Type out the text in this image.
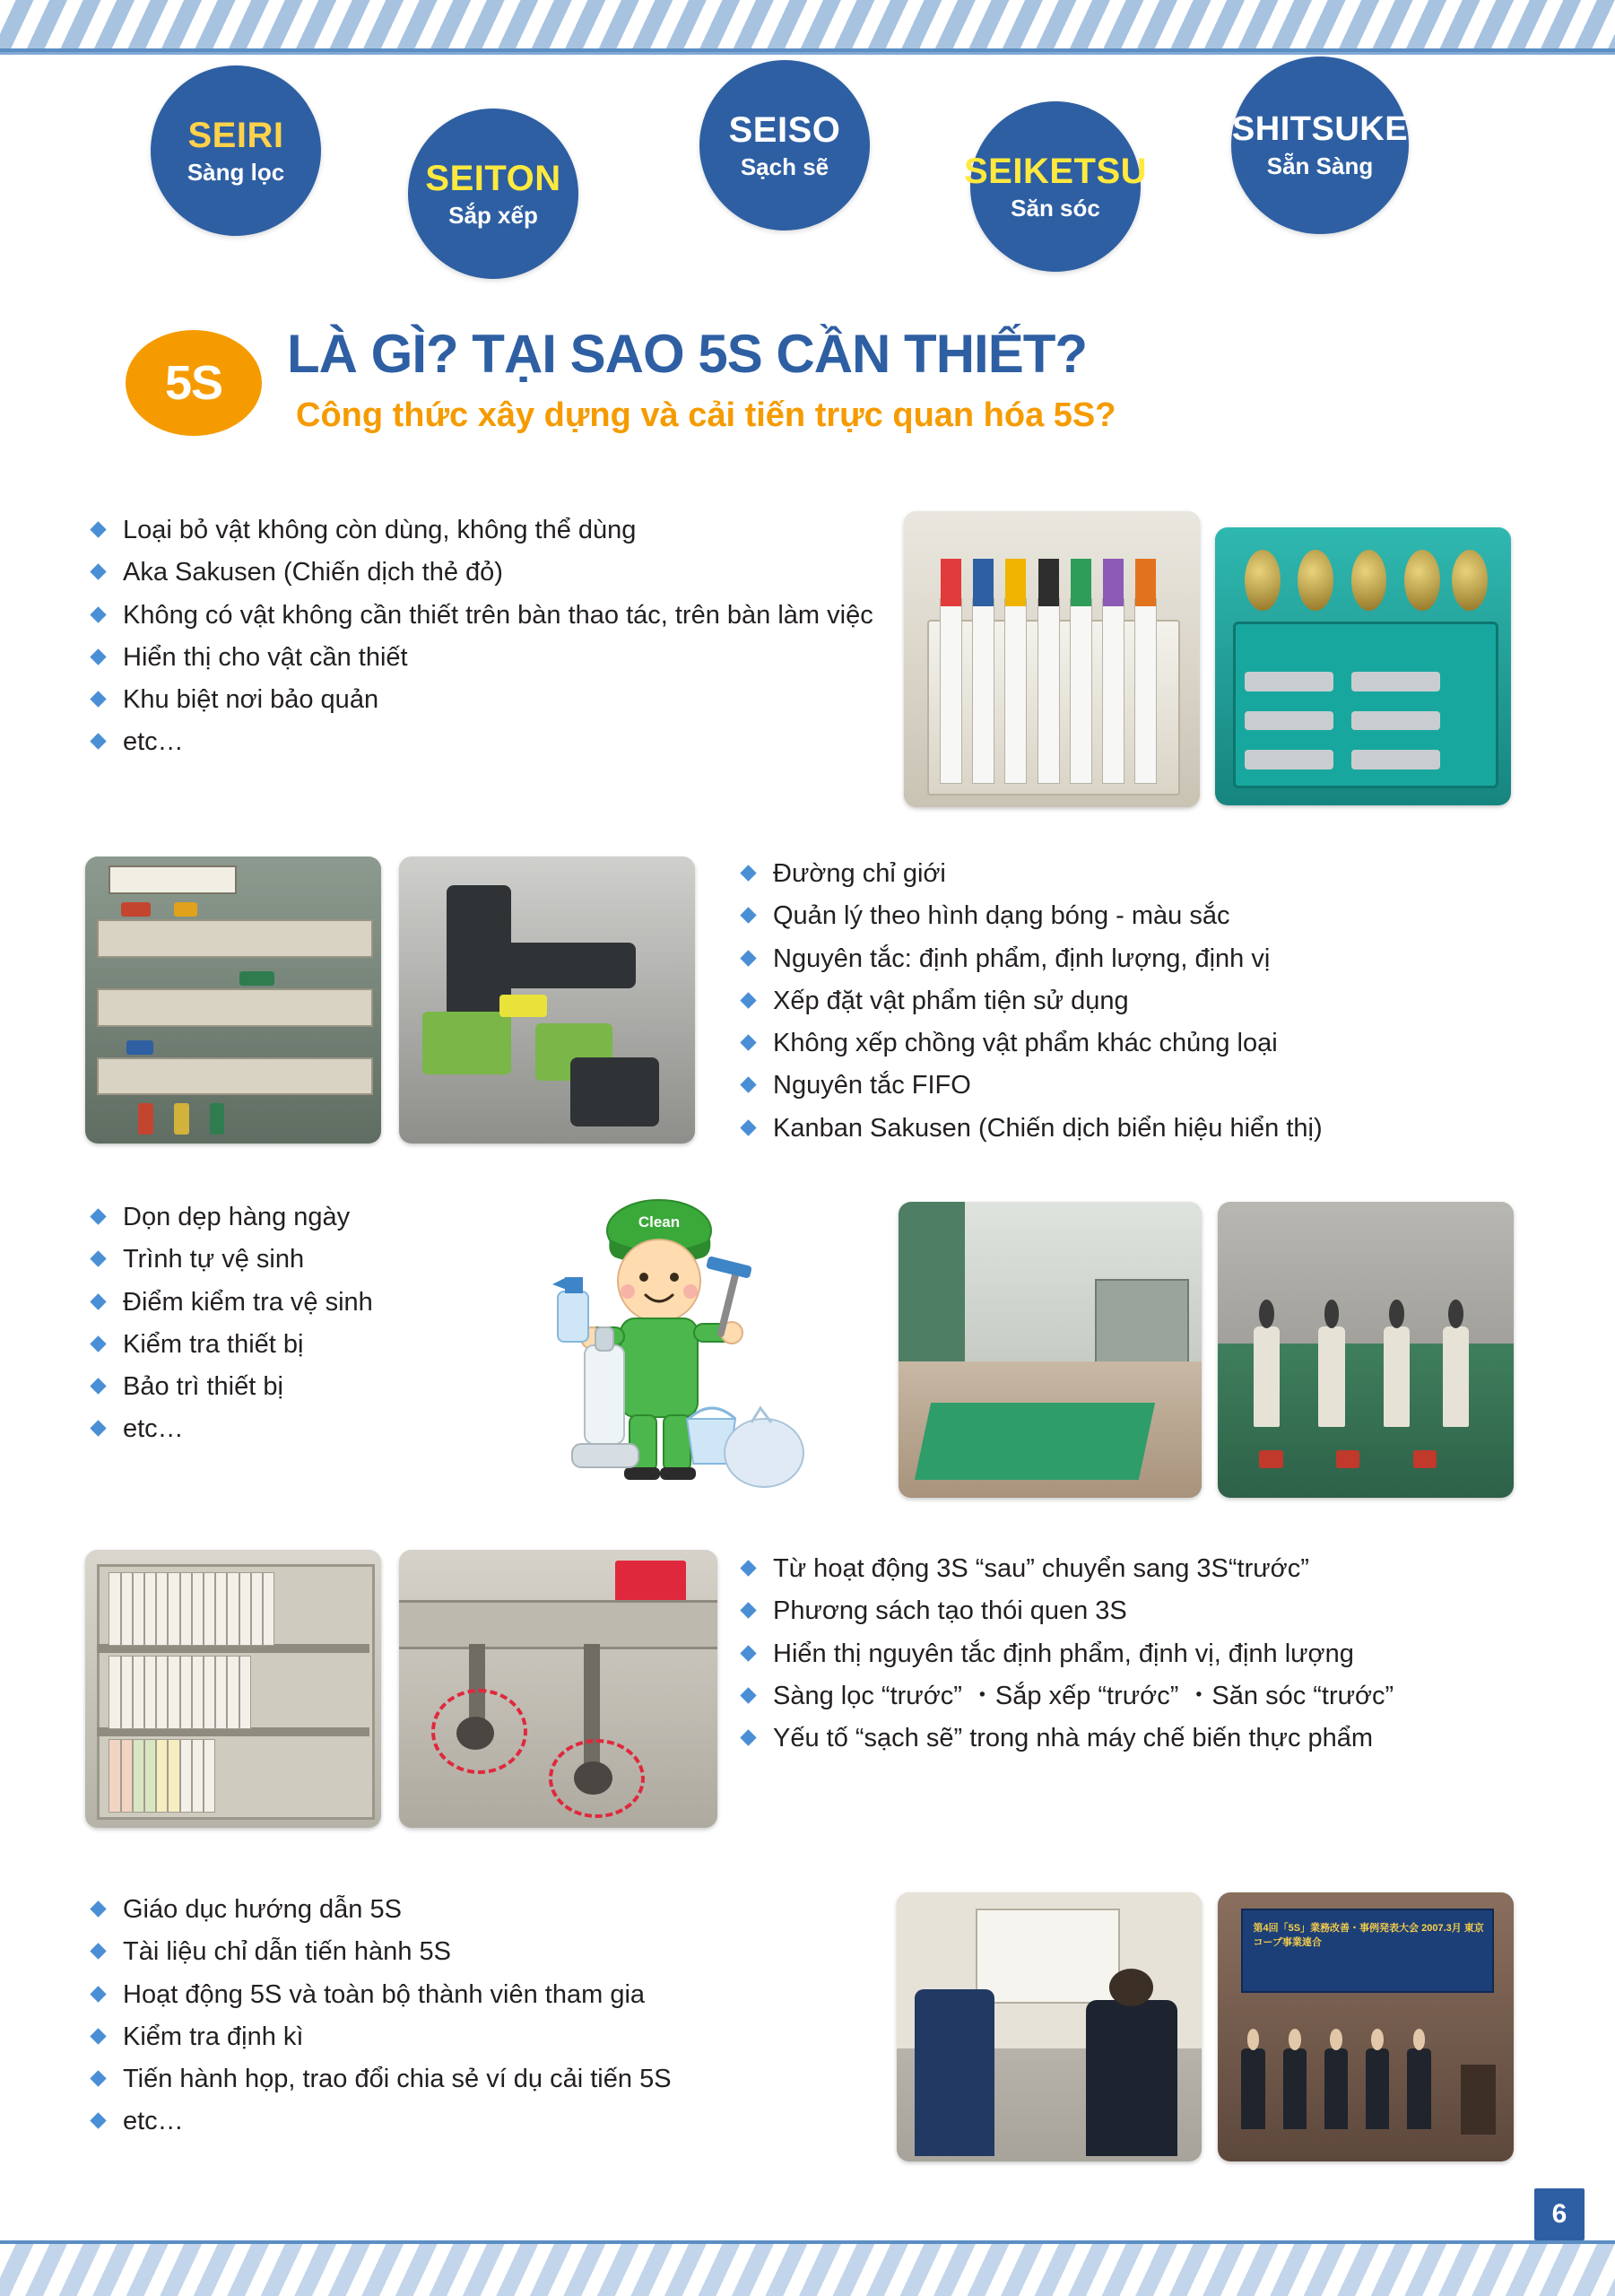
SEIRI
Sàng lọc	SEITON
Sắp xếp
SEISO
Sạch sẽ	SEIKETSU
Săn sóc
SHITSUKE
Sẵn Sàng
5S	LÀ GÌ? TẠI SAO 5S CẦN THIẾT?
Công thức xây dựng và cải tiến trực quan hóa 5S?
Loại bỏ vật không còn dùng, không thể dùng
Aka Sakusen (Chiến dịch thẻ đỏ)
Không có vật không cần thiết trên bàn thao tác, trên bàn làm việc
Hiển thị cho vật cần thiết
Khu biệt nơi bảo quản
etc…
Đường chỉ giới
Quản lý theo hình dạng bóng - màu sắc
Nguyên tắc: định phẩm, định lượng, định vị
Xếp đặt vật phẩm tiện sử dụng
Không xếp chồng vật phẩm khác chủng loại
Nguyên tắc FIFO
Kanban Sakusen (Chiến dịch biển hiệu hiển thị)
Dọn dẹp hàng ngày
Trình tự vệ sinh
Điểm kiểm tra vệ sinh
Kiểm tra thiết bị
Bảo trì thiết bị
etc…
Clean
Từ hoạt động 3S “sau” chuyển sang 3S“trước”
Phương sách tạo thói quen 3S
Hiển thị nguyên tắc định phẩm, định vị, định lượng
Sàng lọc “trước” ・Sắp xếp “trước” ・Săn sóc “trước”
Yếu tố “sạch sẽ” trong nhà máy chế biến thực phẩm
Giáo dục hướng dẫn 5S
Tài liệu chỉ dẫn tiến hành 5S
Hoạt động 5S và toàn bộ thành viên tham gia
Kiểm tra định kì
Tiến hành họp, trao đổi chia sẻ ví dụ cải tiến 5S
etc…
第4回「5S」業務改善・事例発表大会 2007.3月 東京コープ事業連合
6
